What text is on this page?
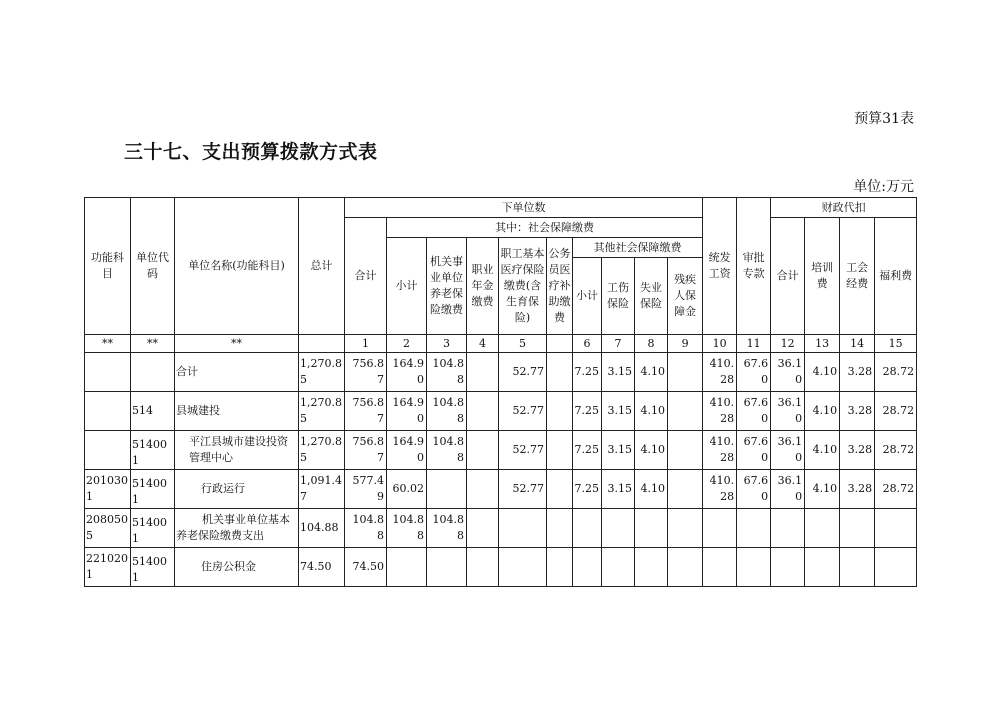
预算31表
三十七、支出预算拨款方式表
单位:万元
功能科目	单位代码	单位名称(功能科目)	总计	下单位数										统发工资	审批专款	财政代扣			
				合计	其中：社会保障缴费											合计	培训费	工会经费	福利费
					小计	机关事业单位养老保险缴费	职业年金缴费	职工基本医疗保险缴费(含生育保险)	公务员医疗补助缴费	其他社会保障缴费									
										小计	工伤保险	失业保险	残疾人保障金						
**	**	**		1	2	3	4	5		6	7	8	9	10	11	12	13	14	15
		合计	1,270.85	756.87	164.90	104.88		52.77		7.25	3.15	4.10		410.28	67.60	36.10	4.10	3.28	28.72
	514	县城建投	1,270.85	756.87	164.90	104.88		52.77		7.25	3.15	4.10		410.28	67.60	36.10	4.10	3.28	28.72
	514001	平江县城市建设投资管理中心	1,270.85	756.87	164.90	104.88		52.77		7.25	3.15	4.10		410.28	67.60	36.10	4.10	3.28	28.72
2010301	514001	行政运行	1,091.47	577.49	60.02			52.77		7.25	3.15	4.10		410.28	67.60	36.10	4.10	3.28	28.72
2080505	514001	机关事业单位基本养老保险缴费支出	104.88	104.88	104.88	104.88													
2210201	514001	住房公积金	74.50	74.50															
